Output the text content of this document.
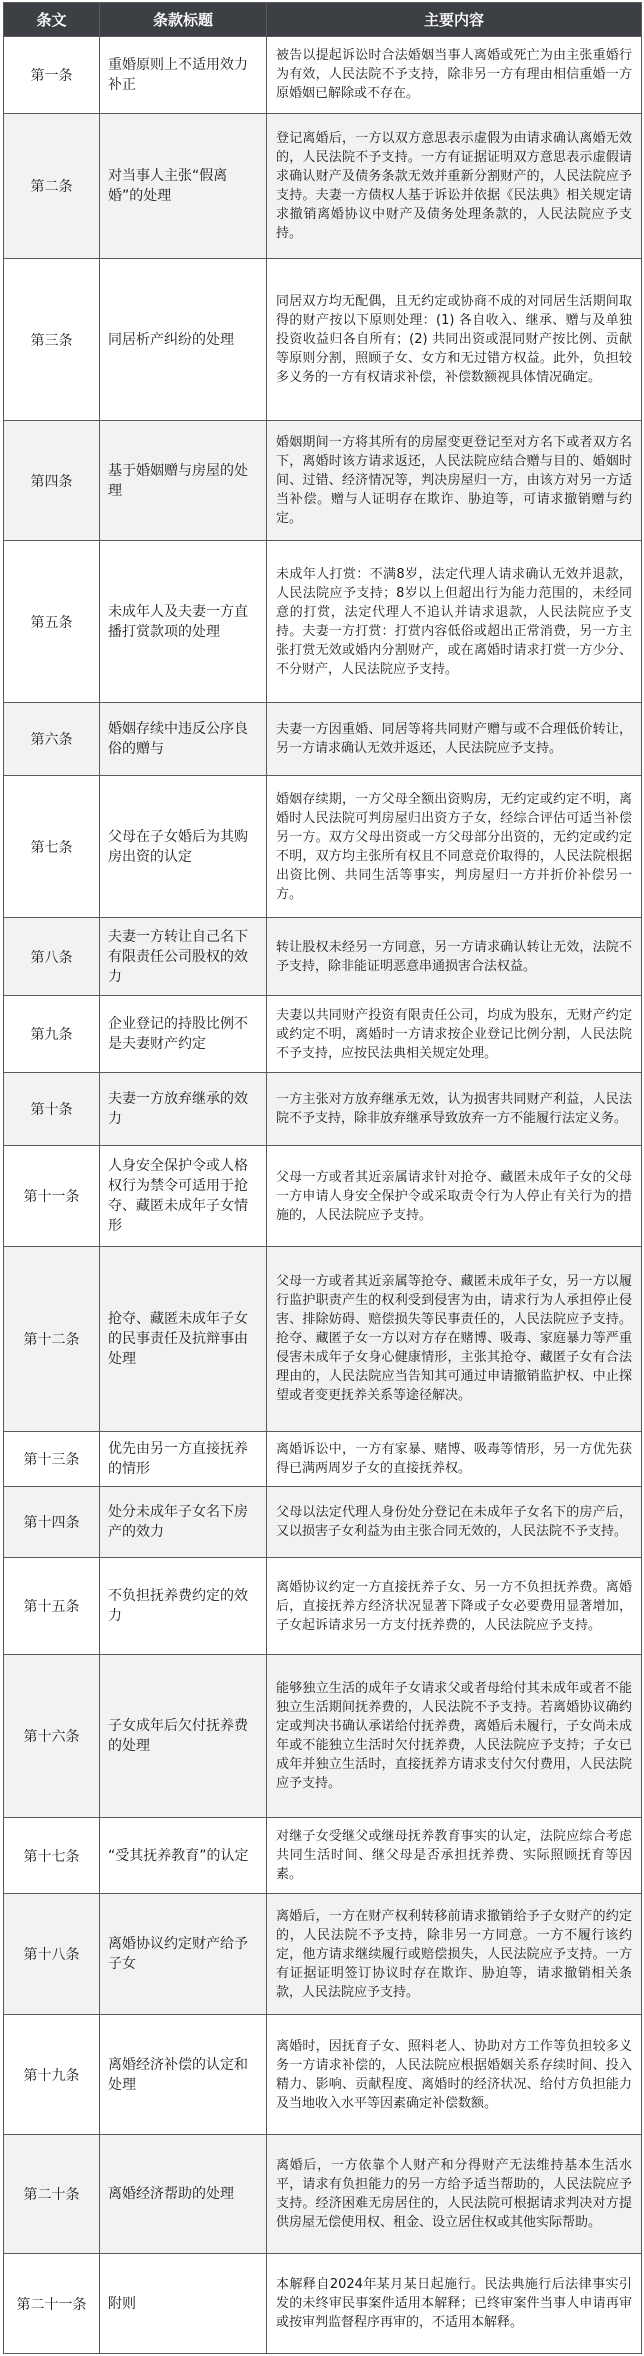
条文	条款标题	主要内容
第一条	重婚原则上不适用效力补正	被告以提起诉讼时合法婚姻当事人离婚或死亡为由主张重婚行为有效，人民法院不予支持，除非另一方有理由相信重婚一方原婚姻已解除或不存在。
第二条	对当事人主张“假离婚”的处理	登记离婚后，一方以双方意思表示虚假为由请求确认离婚无效的，人民法院不予支持。一方有证据证明双方意思表示虚假请求确认财产及债务条款无效并重新分割财产的，人民法院应予支持。夫妻一方债权人基于诉讼并依据《民法典》相关规定请求撤销离婚协议中财产及债务处理条款的，人民法院应予支持。
第三条	同居析产纠纷的处理	同居双方均无配偶，且无约定或协商不成的对同居生活期间取得的财产按以下原则处理：(1) 各自收入、继承、赠与及单独投资收益归各自所有；(2) 共同出资或混同财产按比例、贡献等原则分割，照顾子女、女方和无过错方权益。此外，负担较多义务的一方有权请求补偿，补偿数额视具体情况确定。
第四条	基于婚姻赠与房屋的处理	婚姻期间一方将其所有的房屋变更登记至对方名下或者双方名下，离婚时该方请求返还，人民法院应结合赠与目的、婚姻时间、过错、经济情况等，判决房屋归一方，由该方对另一方适当补偿。赠与人证明存在欺诈、胁迫等，可请求撤销赠与约定。
第五条	未成年人及夫妻一方直播打赏款项的处理	未成年人打赏：不满8岁，法定代理人请求确认无效并退款，人民法院应予支持；8岁以上但超出行为能力范围的，未经同意的打赏，法定代理人不追认并请求退款，人民法院应予支持。夫妻一方打赏：打赏内容低俗或超出正常消费，另一方主张打赏无效或婚内分割财产，或在离婚时请求打赏一方少分、不分财产，人民法院应予支持。
第六条	婚姻存续中违反公序良俗的赠与	夫妻一方因重婚、同居等将共同财产赠与或不合理低价转让，另一方请求确认无效并返还，人民法院应予支持。
第七条	父母在子女婚后为其购房出资的认定	婚姻存续期，一方父母全额出资购房，无约定或约定不明，离婚时人民法院可判房屋归出资方子女，经综合评估可适当补偿另一方。双方父母出资或一方父母部分出资的，无约定或约定不明，双方均主张所有权且不同意竞价取得的，人民法院根据出资比例、共同生活等事实，判房屋归一方并折价补偿另一方。
第八条	夫妻一方转让自己名下有限责任公司股权的效力	转让股权未经另一方同意，另一方请求确认转让无效，法院不予支持，除非能证明恶意串通损害合法权益。
第九条	企业登记的持股比例不是夫妻财产约定	夫妻以共同财产投资有限责任公司，均成为股东，无财产约定或约定不明，离婚时一方请求按企业登记比例分割，人民法院不予支持，应按民法典相关规定处理。
第十条	夫妻一方放弃继承的效力	一方主张对方放弃继承无效，认为损害共同财产利益，人民法院不予支持，除非放弃继承导致放弃一方不能履行法定义务。
第十一条	人身安全保护令或人格权行为禁令可适用于抢夺、藏匿未成年子女情形	父母一方或者其近亲属请求针对抢夺、藏匿未成年子女的父母一方申请人身安全保护令或采取责令行为人停止有关行为的措施的，人民法院应予支持。
第十二条	抢夺、藏匿未成年子女的民事责任及抗辩事由处理	父母一方或者其近亲属等抢夺、藏匿未成年子女，另一方以履行监护职责产生的权利受到侵害为由，请求行为人承担停止侵害、排除妨碍、赔偿损失等民事责任的，人民法院应予支持。抢夺、藏匿子女一方以对方存在赌博、吸毒、家庭暴力等严重侵害未成年子女身心健康情形，主张其抢夺、藏匿子女有合法理由的，人民法院应当告知其可通过申请撤销监护权、中止探望或者变更抚养关系等途径解决。
第十三条	优先由另一方直接抚养的情形	离婚诉讼中，一方有家暴、赌博、吸毒等情形，另一方优先获得已满两周岁子女的直接抚养权。
第十四条	处分未成年子女名下房产的效力	父母以法定代理人身份处分登记在未成年子女名下的房产后，又以损害子女利益为由主张合同无效的，人民法院不予支持。
第十五条	不负担抚养费约定的效力	离婚协议约定一方直接抚养子女、另一方不负担抚养费。离婚后，直接抚养方经济状况显著下降或子女必要费用显著增加，子女起诉请求另一方支付抚养费的，人民法院应予支持。
第十六条	子女成年后欠付抚养费的处理	能够独立生活的成年子女请求父或者母给付其未成年或者不能独立生活期间抚养费的，人民法院不予支持。若离婚协议确约定或判决书确认承诺给付抚养费，离婚后未履行，子女尚未成年或不能独立生活时欠付抚养费，人民法院应予支持；子女已成年并独立生活时，直接抚养方请求支付欠付费用，人民法院应予支持。
第十七条	“受其抚养教育”的认定	对继子女受继父或继母抚养教育事实的认定，法院应综合考虑共同生活时间、继父母是否承担抚养费、实际照顾抚育等因素。
第十八条	离婚协议约定财产给予子女	离婚后，一方在财产权利转移前请求撤销给予子女财产的约定的，人民法院不予支持，除非另一方同意。一方不履行该约定，他方请求继续履行或赔偿损失，人民法院应予支持。一方有证据证明签订协议时存在欺诈、胁迫等，请求撤销相关条款，人民法院应予支持。
第十九条	离婚经济补偿的认定和处理	离婚时，因抚育子女、照料老人、协助对方工作等负担较多义务一方请求补偿的，人民法院应根据婚姻关系存续时间、投入精力、影响、贡献程度、离婚时的经济状况、给付方负担能力及当地收入水平等因素确定补偿数额。
第二十条	离婚经济帮助的处理	离婚后，一方依靠个人财产和分得财产无法维持基本生活水平，请求有负担能力的另一方给予适当帮助的，人民法院应予支持。经济困难无房居住的，人民法院可根据请求判决对方提供房屋无偿使用权、租金、设立居住权或其他实际帮助。
第二十一条	附则	本解释自2024年某月某日起施行。民法典施行后法律事实引发的未终审民事案件适用本解释；已终审案件当事人申请再审或按审判监督程序再审的，不适用本解释。
